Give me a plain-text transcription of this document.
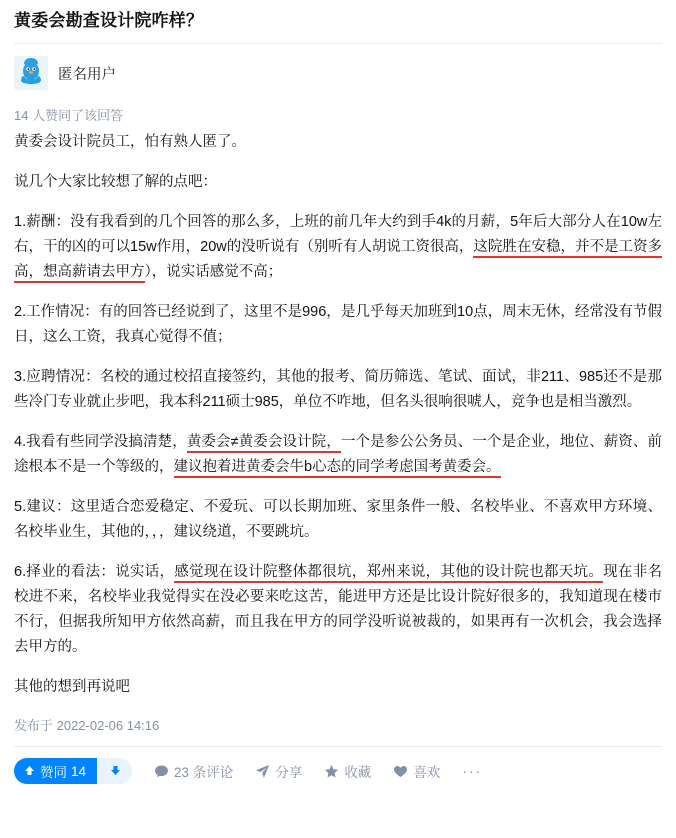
黄委会勘查设计院咋样？
匿名用户
14 人赞同了该回答

黄委会设计院员工，怕有熟人匿了。

说几个大家比较想了解的点吧：

1.薪酬：没有我看到的几个回答的那么多，上班的前几年大约到手4k的月薪，5年后大部分人在10w左右，干的凶的可以15w作用，20w的没听说有（别听有人胡说工资很高，这院胜在安稳，并不是工资多高，想高薪请去甲方），说实话感觉不高；

2.工作情况：有的回答已经说到了，这里不是996，是几乎每天加班到10点，周末无休，经常没有节假日，这么工资，我真心觉得不值；

3.应聘情况：名校的通过校招直接签约，其他的报考、简历筛选、笔试、面试，非211、985还不是那些冷门专业就止步吧，我本科211硕士985，单位不咋地，但名头很响很唬人，竞争也是相当激烈。

4.我看有些同学没搞清楚，黄委会≠黄委会设计院，一个是参公公务员、一个是企业，地位、薪资、前途根本不是一个等级的，建议抱着进黄委会牛b心态的同学考虑国考黄委会。

5.建议：这里适合恋爱稳定、不爱玩、可以长期加班、家里条件一般、名校毕业、不喜欢甲方环境、名校毕业生，其他的，，，建议绕道，不要跳坑。

6.择业的看法：说实话，感觉现在设计院整体都很坑，郑州来说，其他的设计院也都天坑。现在非名校进不来，名校毕业我觉得实在没必要来吃这苦，能进甲方还是比设计院好很多的，我知道现在楼市不行，但据我所知甲方依然高薪，而且我在甲方的同学没听说被裁的，如果再有一次机会，我会选择去甲方的。

其他的想到再说吧

发布于 2022-02-06 14:16
赞同 14	23 条评论	分享	收藏	喜欢 ···
